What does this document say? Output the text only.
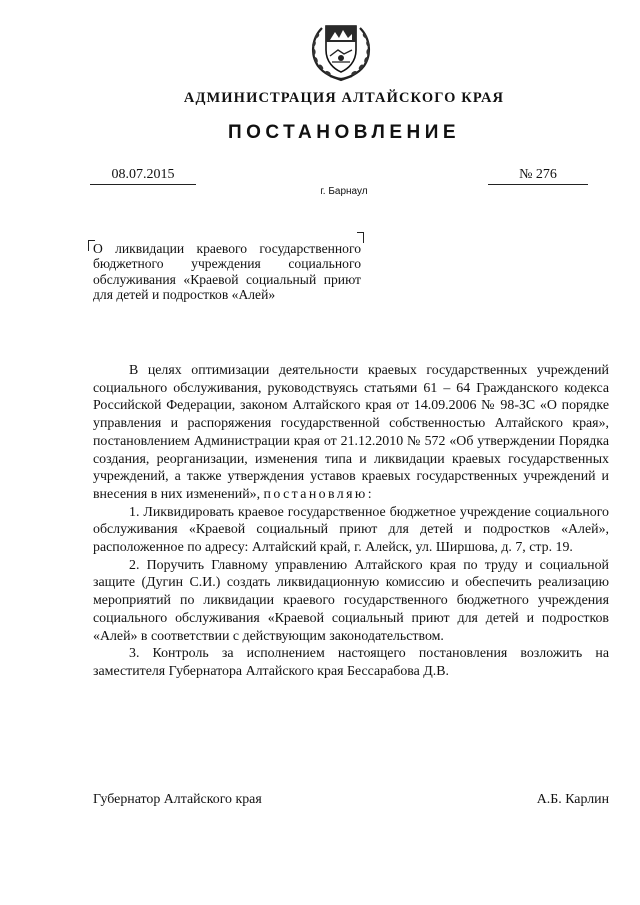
АДМИНИСТРАЦИЯ АЛТАЙСКОГО КРАЯ
ПОСТАНОВЛЕНИЕ
08.07.2015	№ 276
г. Барнаул
О ликвидации краевого государственного бюджетного учреждения социального обслуживания «Краевой социальный приют для детей и подростков «Алей»

В целях оптимизации деятельности краевых государственных учреждений социального обслуживания, руководствуясь статьями 61 – 64 Гражданского кодекса Российской Федерации, законом Алтайского края от 14.09.2006 № 98-ЗС «О порядке управления и распоряжения государственной собственностью Алтайского края», постановлением Администрации края от 21.12.2010 № 572 «Об утверждении Порядка создания, реорганизации, изменения типа и ликвидации краевых государственных учреждений, а также утверждения уставов краевых государственных учреждений и внесения в них изменений», постановляю:

1. Ликвидировать краевое государственное бюджетное учреждение социального обслуживания «Краевой социальный приют для детей и подростков «Алей», расположенное по адресу: Алтайский край, г. Алейск, ул. Ширшова, д. 7, стр. 19.

2. Поручить Главному управлению Алтайского края по труду и социальной защите (Дугин С.И.) создать ликвидационную комиссию и обеспечить реализацию мероприятий по ликвидации краевого государственного бюджетного учреждения социального обслуживания «Краевой социальный приют для детей и подростков «Алей» в соответствии с действующим законодательством.

3. Контроль за исполнением настоящего постановления возложить на заместителя Губернатора Алтайского края Бессарабова Д.В.

Губернатор Алтайского края	А.Б. Карлин
